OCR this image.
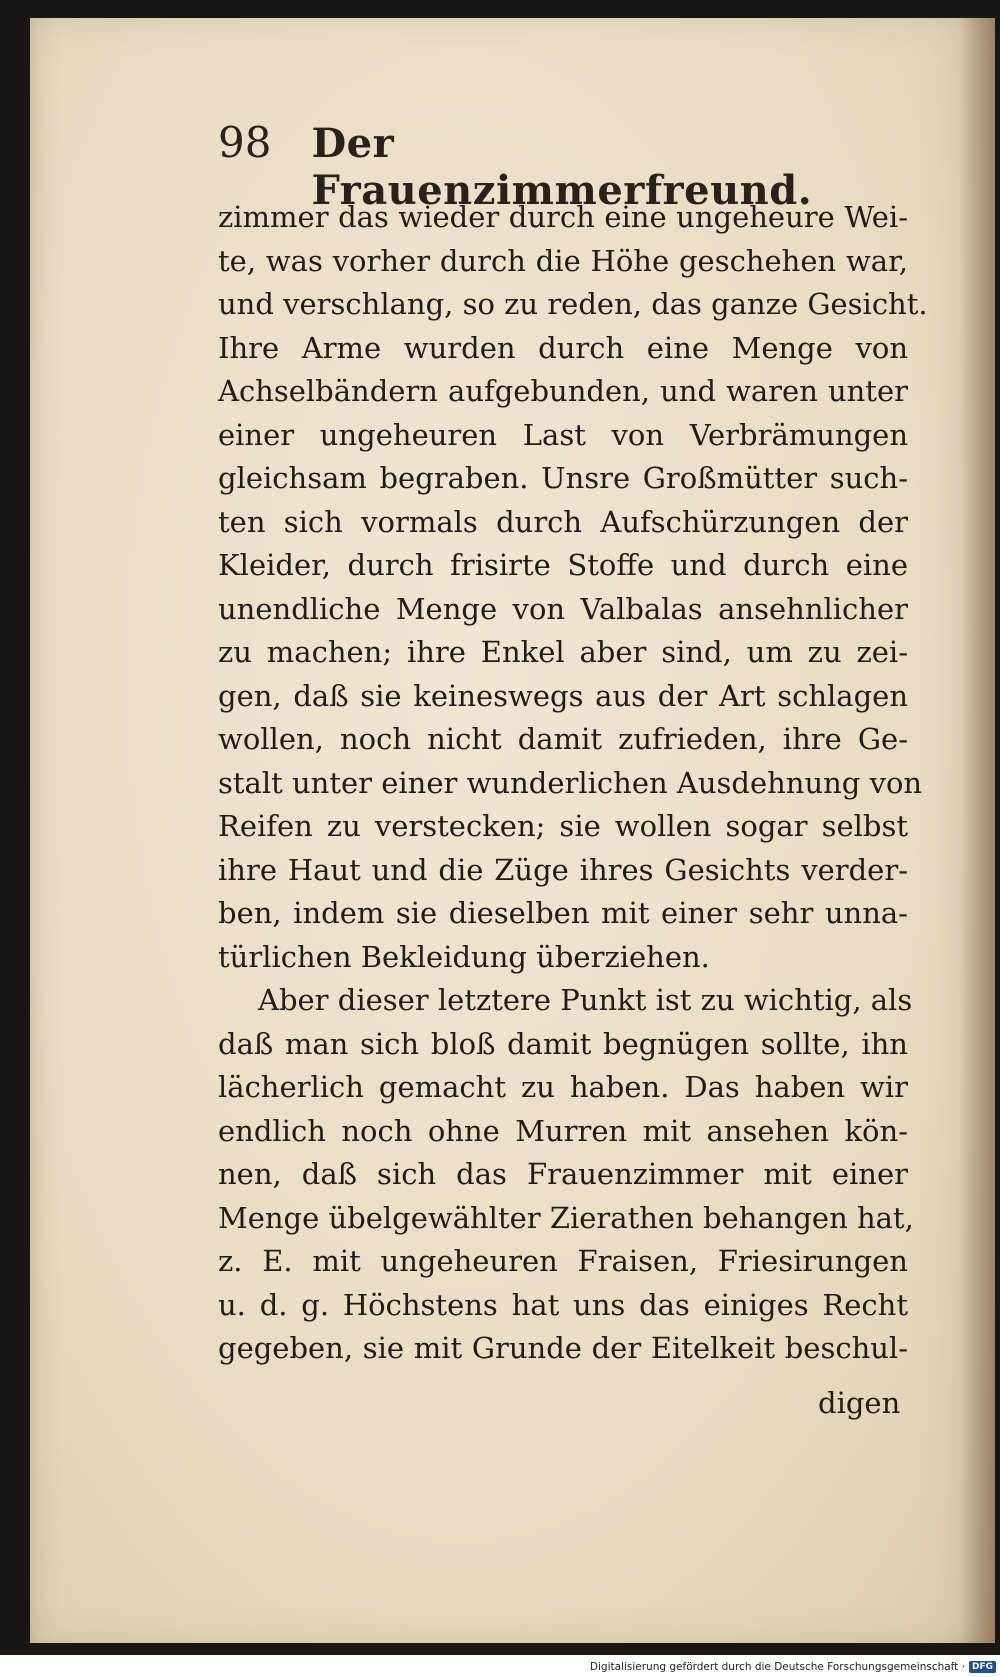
98 Der Frauenzimmerfreund.
zimmer das wieder durch eine ungeheure Wei-
te, was vorher durch die Höhe geschehen war,
und verschlang, so zu reden, das ganze Gesicht.
Ihre Arme wurden durch eine Menge von
Achselbändern aufgebunden, und waren unter
einer ungeheuren Last von Verbrämungen
gleichsam begraben. Unsre Großmütter such-
ten sich vormals durch Aufschürzungen der
Kleider, durch frisirte Stoffe und durch eine
unendliche Menge von Valbalas ansehnlicher
zu machen; ihre Enkel aber sind, um zu zei-
gen, daß sie keineswegs aus der Art schlagen
wollen, noch nicht damit zufrieden, ihre Ge-
stalt unter einer wunderlichen Ausdehnung von
Reifen zu verstecken; sie wollen sogar selbst
ihre Haut und die Züge ihres Gesichts verder-
ben, indem sie dieselben mit einer sehr unna-
türlichen Bekleidung überziehen.
Aber dieser letztere Punkt ist zu wichtig, als
daß man sich bloß damit begnügen sollte, ihn
lächerlich gemacht zu haben. Das haben wir
endlich noch ohne Murren mit ansehen kön-
nen, daß sich das Frauenzimmer mit einer
Menge übelgewählter Zierathen behangen hat,
z. E. mit ungeheuren Fraisen, Friesirungen
u. d. g. Höchstens hat uns das einiges Recht
gegeben, sie mit Grunde der Eitelkeit beschul-
digen
Digitalisierung gefördert durch die Deutsche Forschungsgemeinschaft · DFG
